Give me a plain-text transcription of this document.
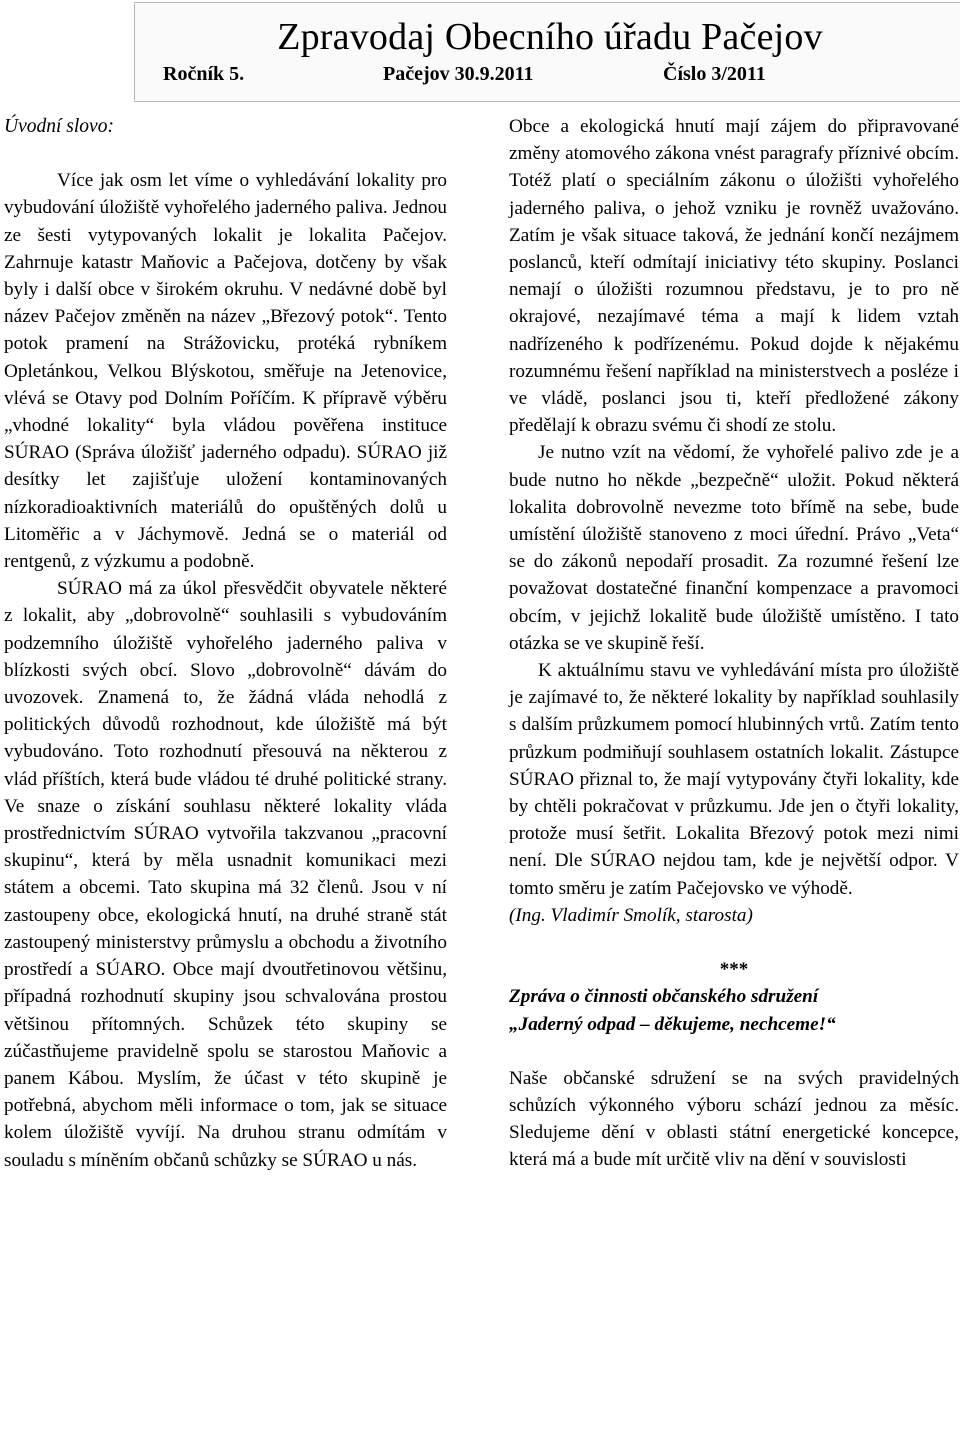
Zpravodaj Obecního úřadu Pačejov
Ročník 5.	Pačejov 30.9.2011	Číslo 3/2011

Úvodní slovo:

Více jak osm let víme o vyhledávání lokality pro vybudování úložiště vyhořelého jaderného paliva. Jednou ze šesti vytypovaných lokalit je lokalita Pačejov. Zahrnuje katastr Maňovic a Pačejova, dotčeny by však byly i další obce v širokém okruhu. V nedávné době byl název Pačejov změněn na název „Březový potok“. Tento potok pramení na Strážovicku, protéká rybníkem Opletánkou, Velkou Blýskotou, směřuje na Jetenovice, vlévá se Otavy pod Dolním Poříčím. K přípravě výběru „vhodné lokality“ byla vládou pověřena instituce SÚRAO (Správa úložišť jaderného odpadu). SÚRAO již desítky let zajišťuje uložení kontaminovaných nízkoradioaktivních materiálů do opuštěných dolů u Litoměřic a v Jáchymově. Jedná se o materiál od rentgenů, z výzkumu a podobně.

SÚRAO má za úkol přesvědčit obyvatele některé z lokalit, aby „dobrovolně“ souhlasili s vybudováním podzemního úložiště vyhořelého jaderného paliva v blízkosti svých obcí. Slovo „dobrovolně“ dávám do uvozovek. Znamená to, že žádná vláda nehodlá z politických důvodů rozhodnout, kde úložiště má být vybudováno. Toto rozhodnutí přesouvá na některou z vlád příštích, která bude vládou té druhé politické strany. Ve snaze o získání souhlasu některé lokality vláda prostřednictvím SÚRAO vytvořila takzvanou „pracovní skupinu“, která by měla usnadnit komunikaci mezi státem a obcemi. Tato skupina má 32 členů. Jsou v ní zastoupeny obce, ekologická hnutí, na druhé straně stát zastoupený ministerstvy průmyslu a obchodu a životního prostředí a SÚARO. Obce mají dvoutřetinovou většinu, případná rozhodnutí skupiny jsou schvalována prostou většinou přítomných. Schůzek této skupiny se zúčastňujeme pravidelně spolu se starostou Maňovic a panem Kábou. Myslím, že účast v této skupině je potřebná, abychom měli informace o tom, jak se situace kolem úložiště vyvíjí. Na druhou stranu odmítám v souladu s míněním občanů schůzky se SÚRAO u nás.

Obce a ekologická hnutí mají zájem do připravované změny atomového zákona vnést paragrafy příznivé obcím. Totéž platí o speciálním zákonu o úložišti vyhořelého jaderného paliva, o jehož vzniku je rovněž uvažováno. Zatím je však situace taková, že jednání končí nezájmem poslanců, kteří odmítají iniciativy této skupiny. Poslanci nemají o úložišti rozumnou představu, je to pro ně okrajové, nezajímavé téma a mají k lidem vztah nadřízeného k podřízenému. Pokud dojde k nějakému rozumnému řešení například na ministerstvech a posléze i ve vládě, poslanci jsou ti, kteří předložené zákony předělají k obrazu svému či shodí ze stolu.

Je nutno vzít na vědomí, že vyhořelé palivo zde je a bude nutno ho někde „bezpečně“ uložit. Pokud některá lokalita dobrovolně nevezme toto břímě na sebe, bude umístění úložiště stanoveno z moci úřední. Právo „Veta“ se do zákonů nepodaří prosadit. Za rozumné řešení lze považovat dostatečné finanční kompenzace a pravomoci obcím, v jejichž lokalitě bude úložiště umístěno. I tato otázka se ve skupině řeší.

K aktuálnímu stavu ve vyhledávání místa pro úložiště je zajímavé to, že některé lokality by například souhlasily s dalším průzkumem pomocí hlubinných vrtů. Zatím tento průzkum podmiňují souhlasem ostatních lokalit. Zástupce SÚRAO přiznal to, že mají vytypovány čtyři lokality, kde by chtěli pokračovat v průzkumu. Jde jen o čtyři lokality, protože musí šetřit. Lokalita Březový potok mezi nimi není. Dle SÚRAO nejdou tam, kde je největší odpor. V tomto směru je zatím Pačejovsko ve výhodě.

(Ing. Vladimír Smolík, starosta)

***

Zpráva o činnosti občanského sdružení

„Jaderný odpad – děkujeme, nechceme!“

Naše občanské sdružení se na svých pravidelných schůzích výkonného výboru schází jednou za měsíc. Sledujeme dění v oblasti státní energetické koncepce, která má a bude mít určitě vliv na dění v souvislosti
